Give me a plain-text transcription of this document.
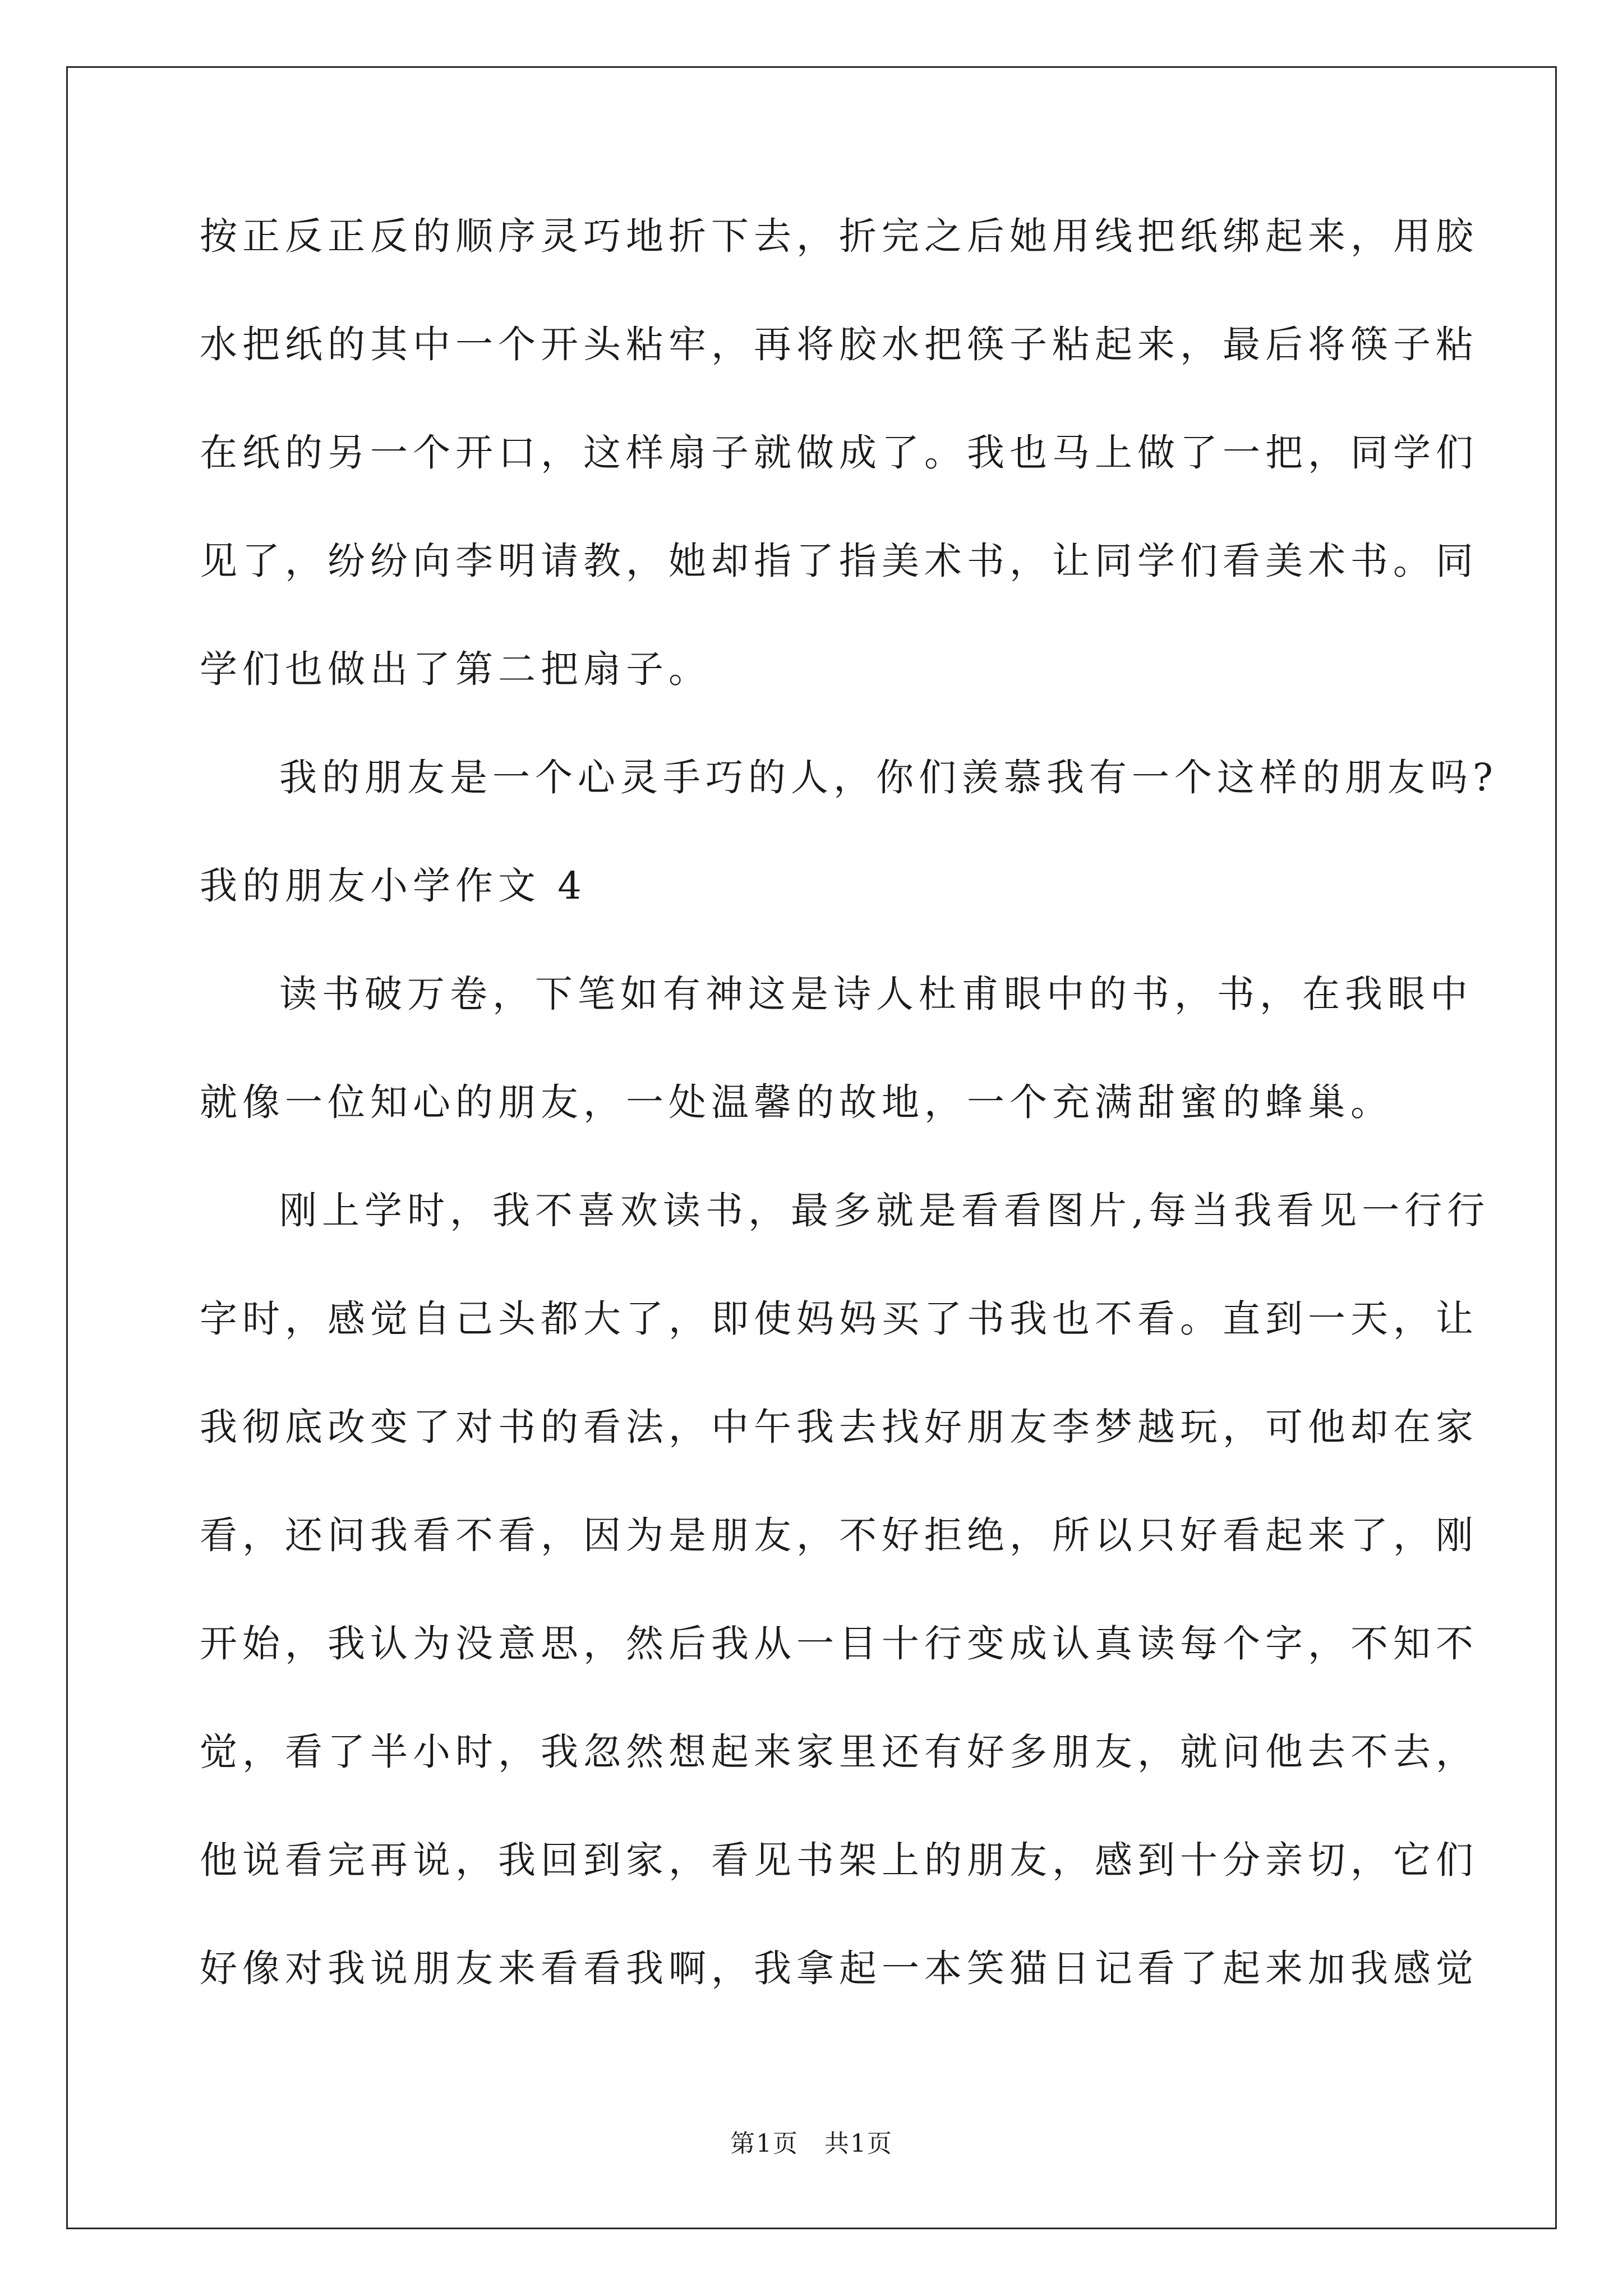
按正反正反的顺序灵巧地折下去，折完之后她用线把纸绑起来，用胶
水把纸的其中一个开头粘牢，再将胶水把筷子粘起来，最后将筷子粘
在纸的另一个开口，这样扇子就做成了。我也马上做了一把，同学们
见了，纷纷向李明请教，她却指了指美术书，让同学们看美术书。同
学们也做出了第二把扇子。
我的朋友是一个心灵手巧的人，你们羡慕我有一个这样的朋友吗?
我的朋友小学作文 4
读书破万卷，下笔如有神这是诗人杜甫眼中的书，书，在我眼中
就像一位知心的朋友，一处温馨的故地，一个充满甜蜜的蜂巢。
刚上学时，我不喜欢读书，最多就是看看图片,每当我看见一行行
字时，感觉自己头都大了，即使妈妈买了书我也不看。直到一天，让
我彻底改变了对书的看法，中午我去找好朋友李梦越玩，可他却在家
看，还问我看不看，因为是朋友，不好拒绝，所以只好看起来了，刚
开始，我认为没意思，然后我从一目十行变成认真读每个字，不知不
觉，看了半小时，我忽然想起来家里还有好多朋友，就问他去不去，
他说看完再说，我回到家，看见书架上的朋友，感到十分亲切，它们
好像对我说朋友来看看我啊，我拿起一本笑猫日记看了起来加我感觉
第1页　共1页
